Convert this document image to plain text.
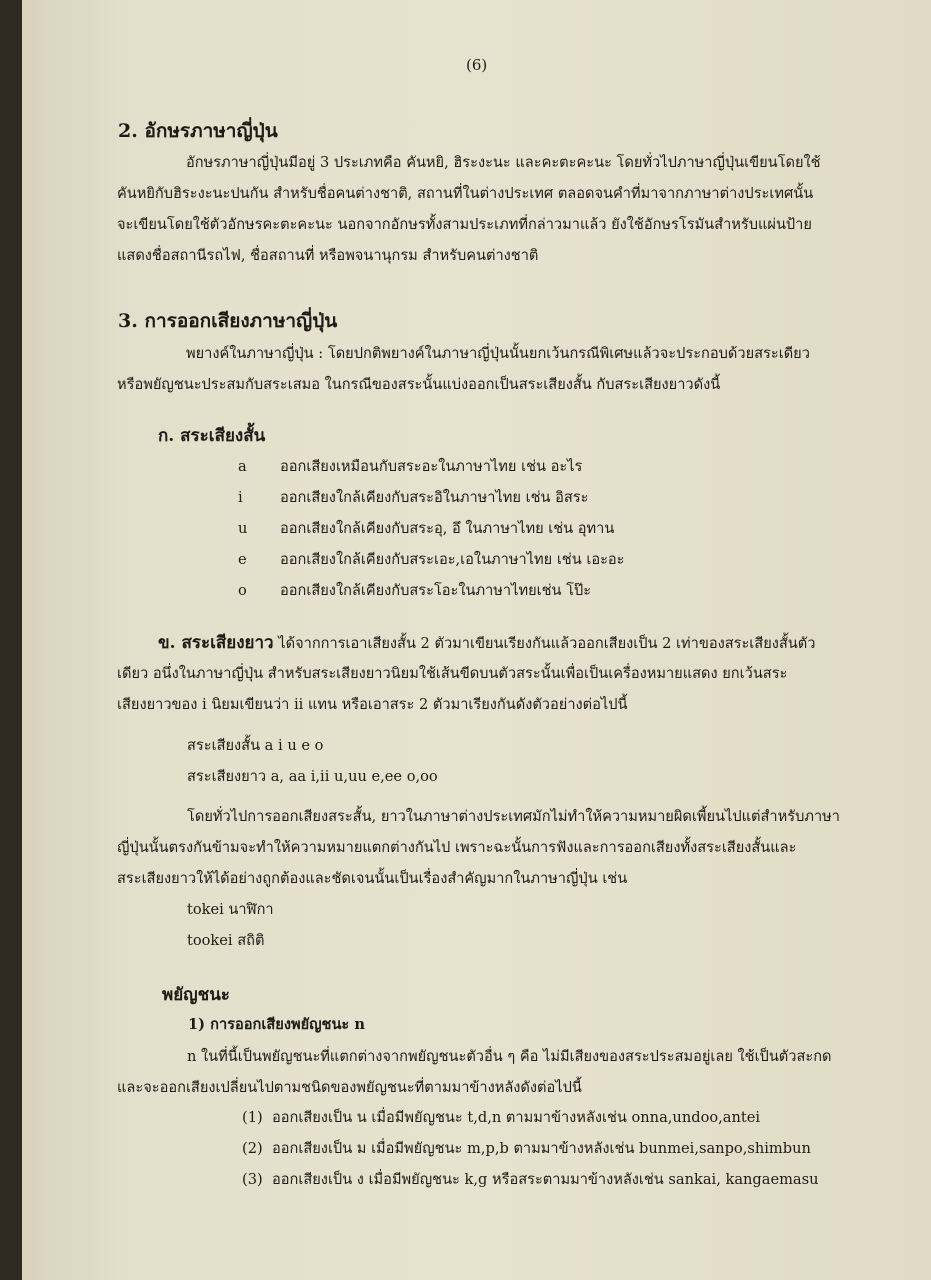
(6)
2. อักษรภาษาญี่ปุ่น
อักษรภาษาญี่ปุ่นมีอยู่ 3 ประเภทคือ คันหยิ, ฮิระงะนะ และคะตะคะนะ โดยทั่วไปภาษาญี่ปุ่นเขียนโดยใช้
คันหยิกับฮิระงะนะปนกัน สำหรับชื่อคนต่างชาติ, สถานที่ในต่างประเทศ ตลอดจนคำที่มาจากภาษาต่างประเทศนั้น
จะเขียนโดยใช้ตัวอักษรคะตะคะนะ นอกจากอักษรทั้งสามประเภทที่กล่าวมาแล้ว ยังใช้อักษรโรมันสำหรับแผ่นป้าย
แสดงชื่อสถานีรถไฟ, ชื่อสถานที่ หรือพจนานุกรม สำหรับคนต่างชาติ
3. การออกเสียงภาษาญี่ปุ่น
พยางค์ในภาษาญี่ปุ่น : โดยปกติพยางค์ในภาษาญี่ปุ่นนั้นยกเว้นกรณีพิเศษแล้วจะประกอบด้วยสระเดียว
หรือพยัญชนะประสมกับสระเสมอ ในกรณีของสระนั้นแบ่งออกเป็นสระเสียงสั้น กับสระเสียงยาวดังนี้
ก. สระเสียงสั้น
a ออกเสียงเหมือนกับสระอะในภาษาไทย เช่น อะไร
i	ออกเสียงใกล้เคียงกับสระอิในภาษาไทย เช่น อิสระ
u ออกเสียงใกล้เคียงกับสระอุ, อึ ในภาษาไทย เช่น อุทาน
e ออกเสียงใกล้เคียงกับสระเอะ,เอในภาษาไทย เช่น เอะอะ
o ออกเสียงใกล้เคียงกับสระโอะในภาษาไทยเช่น โป๊ะ
ข. สระเสียงยาว ได้จากการเอาเสียงสั้น 2 ตัวมาเขียนเรียงกันแล้วออกเสียงเป็น 2 เท่าของสระเสียงสั้นตัว
เดียว อนึ่งในภาษาญี่ปุ่น สำหรับสระเสียงยาวนิยมใช้เส้นขีดบนตัวสระนั้นเพื่อเป็นเครื่องหมายแสดง ยกเว้นสระ
เสียงยาวของ i นิยมเขียนว่า ii แทน หรือเอาสระ 2 ตัวมาเรียงกันดังตัวอย่างต่อไปนี้
สระเสียงสั้น a i u e o
สระเสียงยาว a, aa i,ii u,uu e,ee o,oo
โดยทั่วไปการออกเสียงสระสั้น, ยาวในภาษาต่างประเทศมักไม่ทำให้ความหมายผิดเพี้ยนไปแต่สำหรับภาษา
ญี่ปุ่นนั้นตรงกันข้ามจะทำให้ความหมายแตกต่างกันไป เพราะฉะนั้นการฟังและการออกเสียงทั้งสระเสียงสั้นและ
สระเสียงยาวให้ได้อย่างถูกต้องและชัดเจนนั้นเป็นเรื่องสำคัญมากในภาษาญี่ปุ่น เช่น
tokei นาฬิกา
tookei สถิติ
พยัญชนะ
1) การออกเสียงพยัญชนะ n
n ในที่นี้เป็นพยัญชนะที่แตกต่างจากพยัญชนะตัวอื่น ๆ คือ ไม่มีเสียงของสระประสมอยู่เลย ใช้เป็นตัวสะกด
และจะออกเสียงเปลี่ยนไปตามชนิดของพยัญชนะที่ตามมาข้างหลังดังต่อไปนี้
(1) ออกเสียงเป็น น เมื่อมีพยัญชนะ t,d,n ตามมาข้างหลังเช่น onna,undoo,antei
(2) ออกเสียงเป็น ม เมื่อมีพยัญชนะ m,p,b ตามมาข้างหลังเช่น bunmei,sanpo,shimbun
(3) ออกเสียงเป็น ง เมื่อมีพยัญชนะ k,g หรือสระตามมาข้างหลังเช่น sankai, kangaemasu
